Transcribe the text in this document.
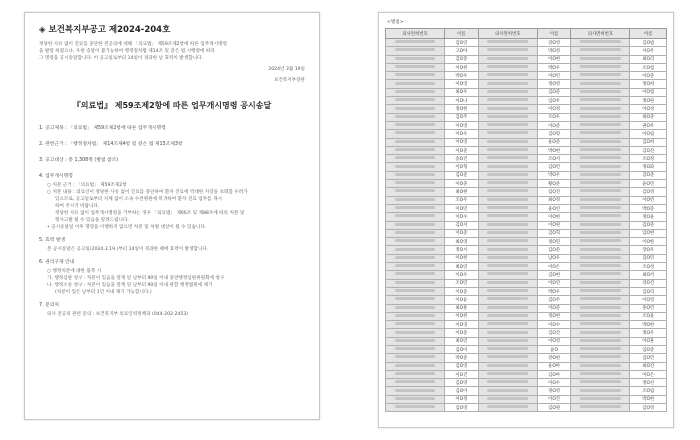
◈ 보건복지부공고 제2024-204호

정당한 사유 없이 진료를 중단한 전공의에 대해 「의료법」 제59조제2항에 따른 업무개시명령

을 발령 하였으나, 우편 송달이 불가능하여 행정절차법 제14조 및 같은 법 시행령에 따라

그 명령을 공시송달합니다. 이 공고일로부터 14일이 경과한 날 효력이 발생합니다.

2024년 3월 19일
보건복지부장관
『의료법』 제59조제2항에 따른 업무개시명령 공시송달
1. 공고제목 : 「의료법」 제59조제2항에 따른 업무개시명령
2. 관련근거 : 「행정절차법」 제14조제4항 및 같은 법 제15조제3항
3. 공고대상 : 총 1,308명 (별첨 참조)
4. 업무개시명령

○ 처분 근거 : 「의료법」 제59조제2항

○ 처분 내용 : 의료인이 정당한 사유 없이 진료를 중단하여 환자 진료에 막대한 지장을 초래할 우려가

있으므로, 공고일로부터 지체 없이 소속 수련병원에 복귀하여 환자 진료 업무를 개시

하여 주시기 바랍니다.

정당한 사유 없이 업무개시명령을 거부하는 경우 「의료법」 제66조 및 제88조에 따라 처분 및

형사고발 될 수 있음을 알려드립니다.

• 공시송달일 이후 명령을 이행하지 않으면 처분 및 처벌 대상이 될 수 있습니다.

5. 효력 발생

본 공시송달은 공고일(2024.3.19.)부터 14일이 경과한 때에 효력이 발생합니다.

6. 권리구제 안내

○ 행정처분에 대한 불복 시

가. 행정심판 청구 : 처분이 있음을 알게 된 날부터 90일 이내 중앙행정심판위원회에 청구

나. 행정소송 청구 : 처분이 있음을 알게 된 날부터 90일 이내 관할 행정법원에 제기

(처분이 있은 날부터 1년 이내 제기 가능합니다.)

7. 문의처

의사 전공의 관련 문의 : 보건복지부 의료인력정책과 (044-202-2453)

<별첨>
의사면허번호	이름	의사면허번호	이름	의사면허번호	이름
	김O연		강O영		김O범
	고O아		박O정		서O우
	김O준		이O현		최O리
	이O현		박O우		조O섭
	박O우		이O민		이O준
	이O영		정O영		정O희
	최O우		김O준		이O범
	이O나		임O우		정O원
	정O현		이O정		이O성
	김O주		조O우		최O준
	이O영		이O준		권O우
	이O우		김O형		이O림
	이O영		윤O준		김O희
	이O준		박O현		김O진
	송O진		조O서		조O정
	이O형		김O민		정O화
	김O준		박O우		김O준
	이O준		황O준		윤O민
	최O현		김O진		김O영
	조O우		최O정		이O빈
	이O민		윤O연		박O준
	이O수		이O현		정O윤
	김O서		이O원		김O준
	이O준		김O혁		임O현
	최O영		정O민		이O한
	정O서		김O준		장O우
	이O현		남O우		김O민
	최O연		이O은		조O성
	이O우		김O현		최O서
	조O민		이O연		강O진
	이O준		박O우		김O리
	이O윤		김O주		이O영
	최O훈		이O준		홍O민
	이O현		정O현		조O윤
	이O영		이O수		박O현
	이O준		김O진		정O우
	최O연		이O영		이O훈
	김O이		윤O		임O준
	박O준		강O현		김O민
	김O영		윤O아		최O진
	이O진		김O아		이O은
	김O영		이O수		정O선
	김O이		정O영		조O림
	이O정		이O진		박O현
	김O영		김O원		김O영
